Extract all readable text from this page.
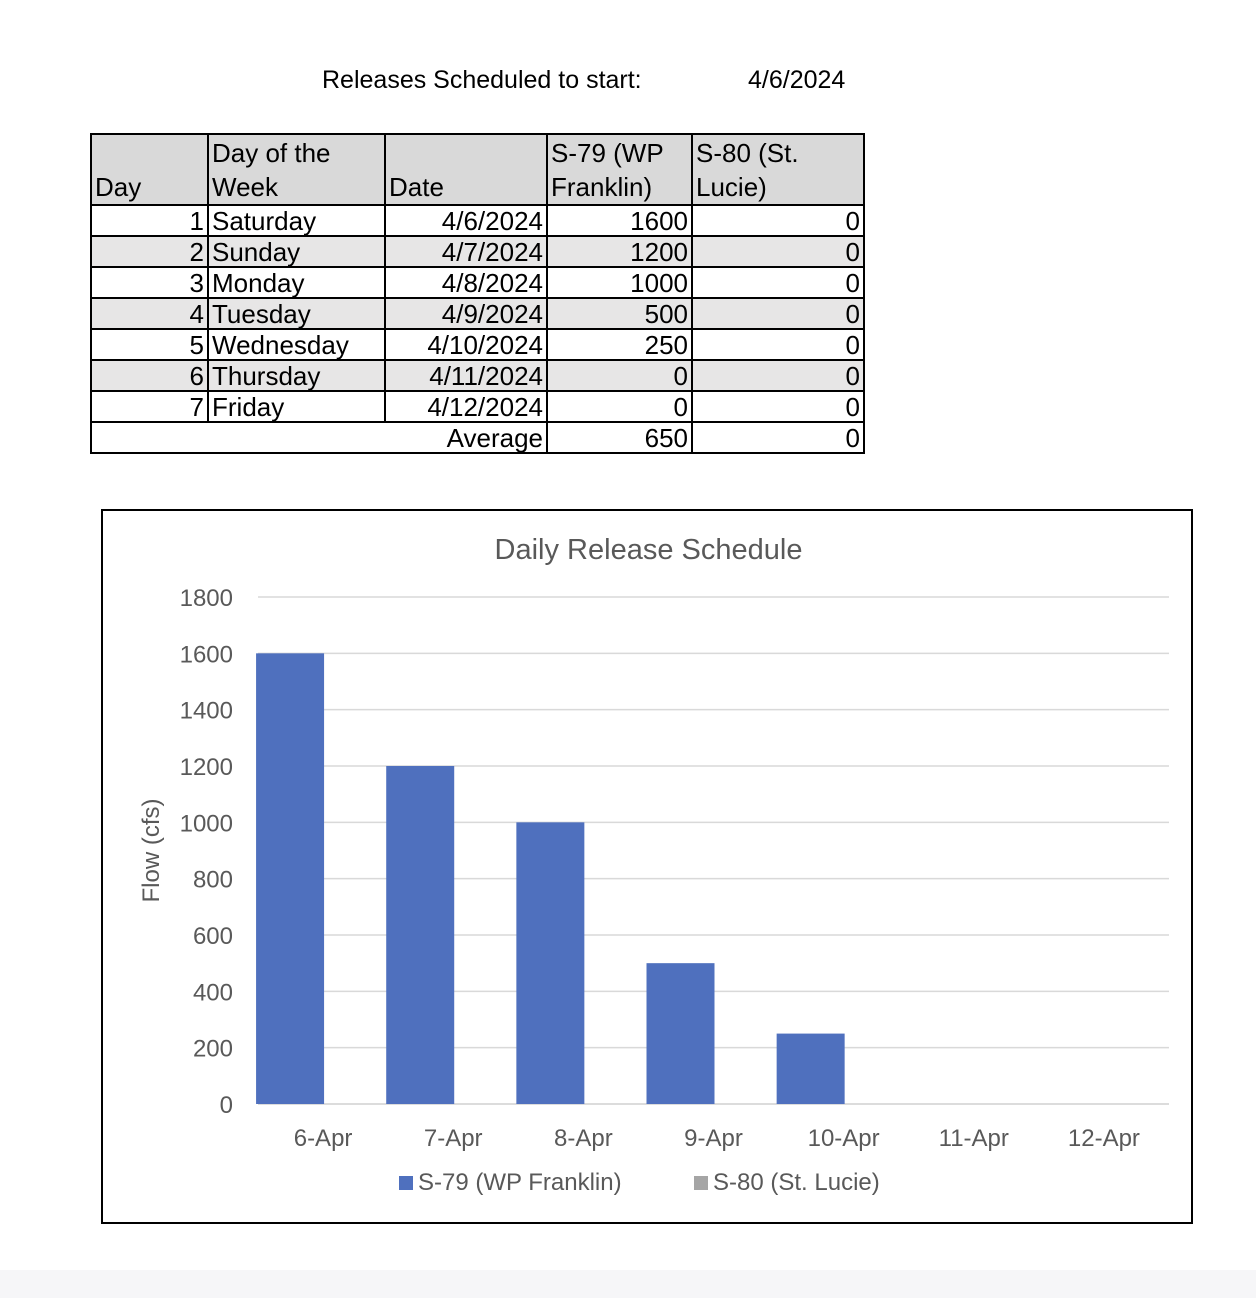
Releases Scheduled to start:	4/6/2024
Day	Day of the Week	Date	S-79 (WP Franklin)	S-80 (St. Lucie)
1	Saturday	4/6/2024	1600	0
2	Sunday	4/7/2024	1200	0
3	Monday	4/8/2024	1000	0
4	Tuesday	4/9/2024	500	0
5	Wednesday	4/10/2024	250	0
6	Thursday	4/11/2024	0	0
7	Friday	4/12/2024	0	0
Average			650	0
Daily Release Schedule
0
200
400
600
800
1000
1200
1400
1600
1800
Flow (cfs)
6-Apr	7-Apr	8-Apr	9-Apr	10-Apr 11-Apr 12-Apr
S-79 (WP Franklin)	S-80 (St. Lucie)
